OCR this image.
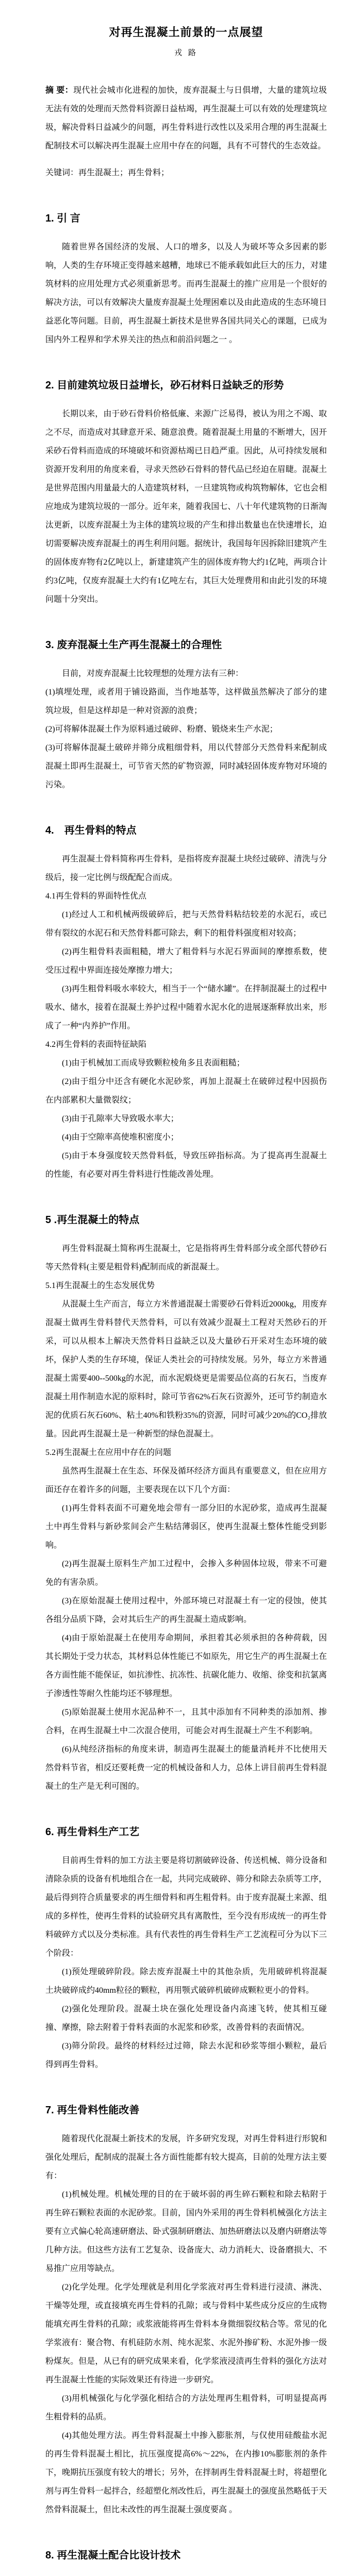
对再生混凝土前景的一点展望
戎 路

摘 要：现代社会城市化进程的加快，废弃混凝土与日俱增，大量的建筑垃圾无法有效的处理而天然骨料资源日益枯竭，再生混凝土可以有效的处理建筑垃圾，解决骨料日益减少的问题，再生骨料进行改性以及采用合理的再生混凝土配制技术可以解决再生混凝土应用中存在的问题，具有不可替代的生态效益。

关键词：再生混凝土；再生骨料；

1. 引 言
随着世界各国经济的发展、人口的增多，以及人为破坏等众多因素的影响，人类的生存环境正变得越来越糟，地球已不能承载如此巨大的压力，对建筑材料的应用处理方式必须重新思考。而再生混凝土的推广应用是一个很好的解决方法，可以有效解决大量废弃混凝土处理困难以及由此造成的生态环境日益恶化等问题。目前，再生混凝土新技术是世界各国共同关心的课题，已成为国内外工程界和学术界关注的热点和前沿问题之一 。
2. 目前建筑垃圾日益增长，砂石材料日益缺乏的形势
长期以来，由于砂石骨料价格低廉、来源广泛易得，被认为用之不竭、取之不尽，而造成对其肆意开采、随意浪费。随着混凝土用量的不断增大，因开采砂石骨料而造成的环境破坏和资源枯竭已日趋严重。因此，从可持续发展和资源开发利用的角度来看，寻求天然砂石骨料的替代品已经迫在眉睫。混凝土是世界范围内用量最大的人造建筑材料，一旦建筑物或构筑物解体，它也会相应地成为建筑垃圾的一部分。近年来，随着我国七、八十年代建筑物的日渐淘汰更新，以废弃混凝土为主体的建筑垃圾的产生和排出数量也在快速增长，迫切需要解决废弃混凝土的再生利用问题。据统计，我国每年因拆除旧建筑产生的固体废弃物有2亿吨以上，新建建筑产生的固体废弃物大约1亿吨，两项合计约3亿吨，仅废弃混凝土大约有1亿吨左右，其巨大处理费用和由此引发的环境问题十分突出。
3. 废弃混凝土生产再生混凝土的合理性
目前，对废弃混凝土比较理想的处理方法有三种：
(1)填埋处理，或者用于铺设路面，当作地基等，这样做虽然解决了部分的建筑垃圾，但是这样却是一种对资源的浪费；
(2)可将解体混凝土作为原料通过破碎、粉磨、锻烧来生产水泥；
(3)可将解体混凝土破碎并筛分成粗细骨料，用以代替部分天然骨料来配制成混凝土即再生混凝土，可节省天然的矿物资源，同时减轻固体废弃物对环境的污染。
4.　再生骨料的特点
再生混凝土骨料简称再生骨料，是指将废弃混凝土块经过破碎、清洗与分级后，接一定比例与级配配合而成。
4.1再生骨料的界面特性优点
(1)经过人工和机械两级破碎后，把与天然骨料粘结较差的水泥石，或已带有裂纹的水泥石和天然骨料都可除去，剩下的粗骨料强度相对较高；
(2)再生粗骨料表面粗糙，增大了粗骨料与水泥石界面间的摩擦系数，使受压过程中界面连接处摩擦力增大；
(3)再生粗骨料吸水率较大，相当于一个“储水罐”。在拌制混凝土的过程中吸水、储水，接着在混凝土养护过程中随着水泥水化的进展逐渐释放出来，形成了一种“内养护”作用。
4.2再生骨料的表面特征缺陷
(1)由于机械加工而成导致颗粒棱角多且表面粗糙；
(2)由于组分中还含有硬化水泥砂浆，再加上混凝土在破碎过程中因损伤在内部累积大量微裂纹；
(3)由于孔隙率大导致吸水率大；
(4)由于空隙率高使堆积密度小；
(5)由于本身强度较天然骨料低，导致压碎指标高。为了提高再生混凝土的性能，有必要对再生骨料进行性能改善处理。
5 .再生混凝土的特点
再生骨料混凝土简称再生混凝土，它是指将再生骨料部分或全部代替砂石等天然骨料(主要是粗骨料)配制而成的新混凝土。
5.1再生混凝土的生态发展优势
从混凝土生产而言，每立方米普通混凝土需要砂石骨料近2000kg，用废弃混凝土做再生骨料替代天然骨料，可以有效减少混凝土工程对天然砂石的开采，可以从根本上解决天然骨料日益缺乏以及大量砂石开采对生态环境的破坏，保护人类的生存环境，保证人类社会的可持续发展。另外，每立方米普通混凝土需要400--500kg的水泥，而水泥煅烧更是需要品位高的石灰石，当废弃混凝土用作制造水泥的原料时，除可节省62%石灰石资源外，还可节约制造水泥的优质石灰石60%、粘土40%和铁粉35%的资源，同时可减少20%的CO₂排放量。因此再生混凝土是一种新型的绿色混凝土。
5.2再生混凝土在应用中存在的问题
虽然再生混凝土在生态、环保及循环经济方面具有重要意义，但在应用方面还存在着许多的问题，主要表现在以下几个方面：
(1)再生骨料表面不可避免地会带有一部分旧的水泥砂浆，造成再生混凝土中再生骨料与新砂浆间会产生粘结薄弱区，使再生混凝土整体性能受到影响。
(2)再生混凝土原料生产加工过程中，会掺入多种固体垃圾，带来不可避免的有害杂质。
(3)在原始混凝土使用过程中，外部环境已对混凝土有一定的侵蚀，使其各组分品质下降，会对其后生产的再生混凝土造成影响。
(4)由于原始混凝土在使用寿命期间，承担着其必须承担的各种荷载，因其长期处于受力状态，其材料总体性能已不如原先，用它生产的再生混凝土在各方面性能不能保证，如抗渗性、抗冻性、抗碳化能力、收缩、徐变和抗氯离子渗透性等耐久性能均还不够理想。
(5)原始混凝土使用水泥品种不一，且其中添加有不同种类的添加剂、掺合料，在再生混凝土中二次混合使用，可能会对再生混凝土产生不利影响。
(6)从纯经济指标的角度来讲，制造再生混凝土的能量消耗并不比使用天然骨料节省，相反还要耗费一定的机械设备和人力，总体上讲目前再生骨料混凝土的生产是无利可图的。
6. 再生骨料生产工艺
目前再生骨料的加工方法主要是将切割破碎设备、传送机械、筛分设备和清除杂质的设备有机地组合在一起，共同完成破碎、筛分和除去杂质等工序，最后得到符合质量要求的再生细骨料和再生粗骨料。由于废弃混凝土来源、组成的多样性，使再生骨料的试验研究具有离散性，至今没有形成统一的再生骨料破碎方式以及分类标准。具有代表性的再生骨料生产工艺流程可分为以下三个阶段：
(1)预处理破碎阶段。除去废弃混凝土中的其他杂质，先用破碎机将混凝土块破碎成约40mm粒径的颗粒，再用颚式破碎机破碎成颗粒更小的骨料。
(2)强化处理阶段。混凝土块在强化处理设备内高速飞转，使其相互碰撞、摩擦，除去附着于骨料表面的水泥浆和砂浆，改善骨料的表面情况。
(3)筛分阶段。最终的材料经过过筛，除去水泥和砂浆等细小颗粒，最后得到再生骨料。
7. 再生骨料性能改善
随着现代化混凝土新技术的发展，许多研究发现，对再生骨料进行形貌和强化处理后，配制成的混凝土各方面性能都有较大提高，目前的处理方法主要有：
(1)机械处理。机械处理的目的在于破坏弱的再生碎石颗粒和除去粘附于再生碎石颗粒表面的水泥砂浆。目前，国内外采用的再生骨料机械强化方法主要有立式偏心轮高速研磨法、卧式强制研磨法、加热研磨法以及磨内研磨法等几种方法。但这些方法有工艺复杂、设备庞大、动力消耗大、设备磨损大、不易推广应用等缺点。
(2)化学处理。化学处理就是利用化学浆液对再生骨料进行浸渍、淋洗、干燥等处理，或直接填充再生骨料的孔隙；或与骨料中某些成分反应的生成物能填充再生骨料的孔隙；或浆液能将再生骨料本身微细裂纹粘合等。常见的化学浆液有：聚合物、有机硅防水剂、纯水泥浆、水泥外掺矿粉、水泥外掺一级粉煤灰。但是，从已有的研究成果来看，化学浆液浸渍再生骨料的强化方法对再生混凝土性能的实际效果还有待进一步研究。
(3)用机械强化与化学强化相结合的方法处理再生粗骨料，可明显提高再生粗骨料的品质。
(4)其他处理方法。再生骨料混凝土中掺入膨胀剂，与仅使用硅酸盐水泥的再生骨料混凝土相比，抗压强度提高6%～22%，在内掺10%膨胀剂的条件下，晚期抗压强度有较大的增长；另外，在拌制再生骨料混凝土时，将超塑化剂与再生骨料一起拌合，经超塑化剂改性后，再生混凝土的强度虽然略低于天然骨料混凝土，但比未改性的再生混凝土强度要高 。
8. 再生混凝土配合比设计技术
